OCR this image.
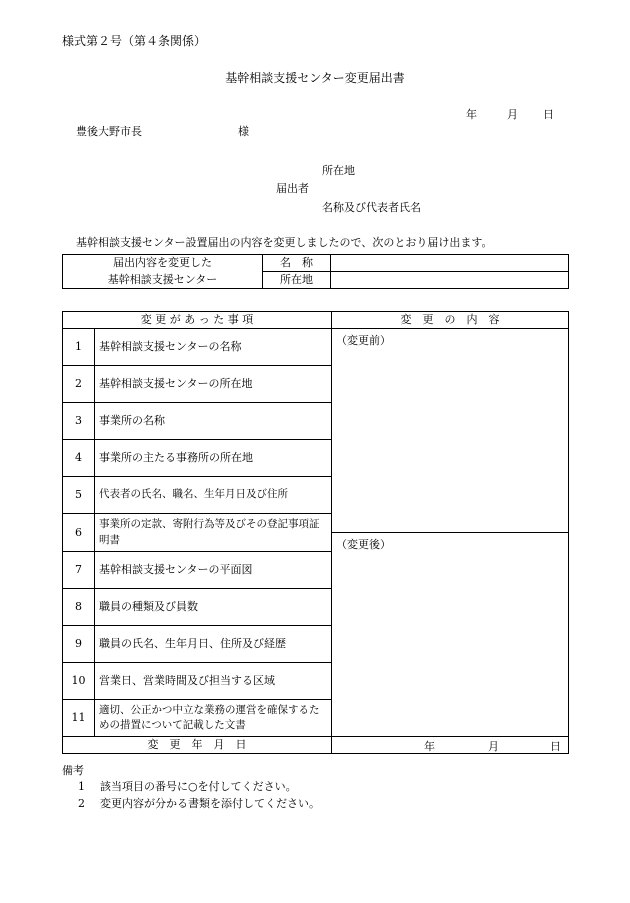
様式第２号（第４条関係）
基幹相談支援センター変更届出書
年	月 日
豊後大野市長	様
所在地
届出者
名称及び代表者氏名
基幹相談支援センター設置届出の内容を変更しましたので、次のとおり届け出ます。
届出内容を変更した	名　称	
基幹相談支援センター	所在地	
変 更 が あ っ た 事 項		変　更　の　内　容
1	基幹相談支援センターの名称	（変更前）
2	基幹相談支援センターの所在地	
3	事業所の名称	
4	事業所の主たる事務所の所在地	
5	代表者の氏名、職名、生年月日及び住所	
6	事業所の定款、寄附行為等及びその登記事項証明書	
		（変更後）
7	基幹相談支援センターの平面図	
8	職員の種類及び員数	
9	職員の氏名、生年月日、住所及び経歴	
10	営業日、営業時間及び担当する区域	
11	適切、公正かつ中立な業務の運営を確保するための措置について記載した文書	
変　更　年　月　日		年 月 日
備考
1 該当項目の番号に○を付してください。
2 変更内容が分かる書類を添付してください。
